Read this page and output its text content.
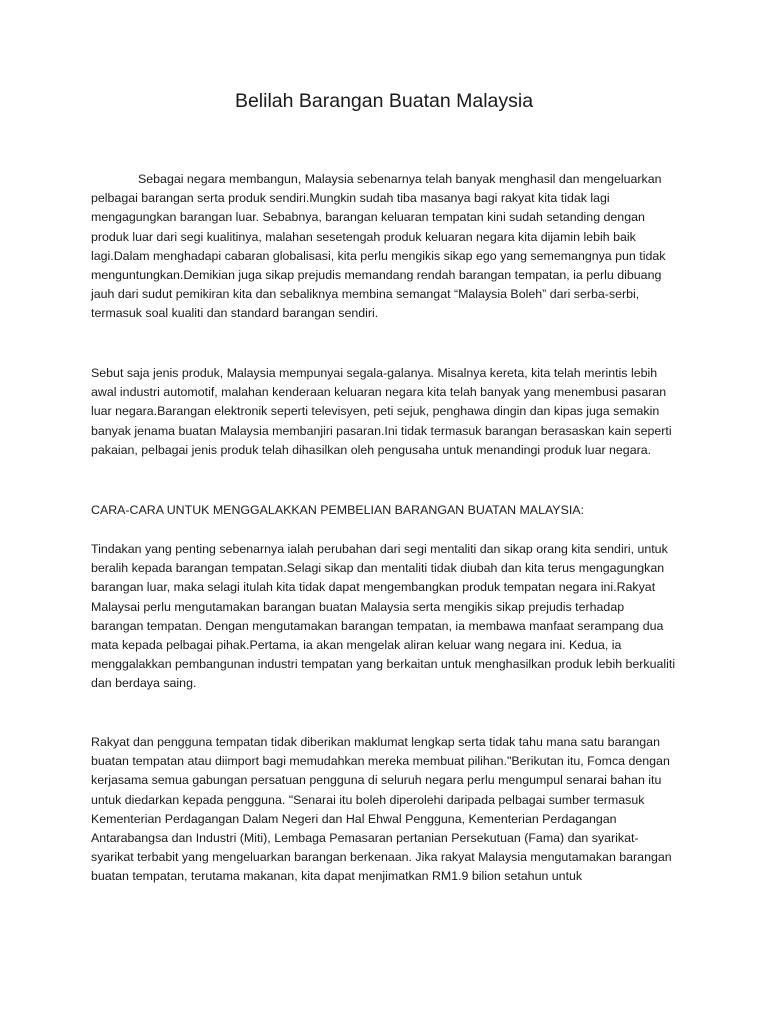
Belilah Barangan Buatan Malaysia

Sebagai negara membangun, Malaysia sebenarnya telah banyak menghasil dan mengeluarkan pelbagai barangan serta produk sendiri.Mungkin sudah tiba masanya bagi rakyat kita tidak lagi mengagungkan barangan luar. Sebabnya, barangan keluaran tempatan kini sudah setanding dengan produk luar dari segi kualitinya, malahan sesetengah produk keluaran negara kita dijamin lebih baik lagi.Dalam menghadapi cabaran globalisasi, kita perlu mengikis sikap ego yang sememangnya pun tidak menguntungkan.Demikian juga sikap prejudis memandang rendah barangan tempatan, ia perlu dibuang jauh dari sudut pemikiran kita dan sebaliknya membina semangat “Malaysia Boleh” dari serba-serbi, termasuk soal kualiti dan standard barangan sendiri.

Sebut saja jenis produk, Malaysia mempunyai segala-galanya. Misalnya kereta, kita telah merintis lebih awal industri automotif, malahan kenderaan keluaran negara kita telah banyak yang menembusi pasaran luar negara.Barangan elektronik seperti televisyen, peti sejuk, penghawa dingin dan kipas juga semakin banyak jenama buatan Malaysia membanjiri pasaran.Ini tidak termasuk barangan berasaskan kain seperti pakaian, pelbagai jenis produk telah dihasilkan oleh pengusaha untuk menandingi produk luar negara.

CARA-CARA UNTUK MENGGALAKKAN PEMBELIAN BARANGAN BUATAN MALAYSIA:

Tindakan yang penting sebenarnya ialah perubahan dari segi mentaliti dan sikap orang kita sendiri, untuk beralih kepada barangan tempatan.Selagi sikap dan mentaliti tidak diubah dan kita terus mengagungkan barangan luar, maka selagi itulah kita tidak dapat mengembangkan produk tempatan negara ini.Rakyat Malaysai perlu mengutamakan barangan buatan Malaysia serta mengikis sikap prejudis terhadap barangan tempatan. Dengan mengutamakan barangan tempatan, ia membawa manfaat serampang dua mata kepada pelbagai pihak.Pertama, ia akan mengelak aliran keluar wang negara ini. Kedua, ia menggalakkan pembangunan industri tempatan yang berkaitan untuk menghasilkan produk lebih berkualiti dan berdaya saing.

Rakyat dan pengguna tempatan tidak diberikan maklumat lengkap serta tidak tahu mana satu barangan buatan tempatan atau diimport bagi memudahkan mereka membuat pilihan."Berikutan itu, Fomca dengan kerjasama semua gabungan persatuan pengguna di seluruh negara perlu mengumpul senarai bahan itu untuk diedarkan kepada pengguna. "Senarai itu boleh diperolehi daripada pelbagai sumber termasuk Kementerian Perdagangan Dalam Negeri dan Hal Ehwal Pengguna, Kementerian Perdagangan Antarabangsa dan Industri (Miti), Lembaga Pemasaran pertanian Persekutuan (Fama) dan syarikat-syarikat terbabit yang mengeluarkan barangan berkenaan. Jika rakyat Malaysia mengutamakan barangan buatan tempatan, terutama makanan, kita dapat menjimatkan RM1.9 bilion setahun untuk
